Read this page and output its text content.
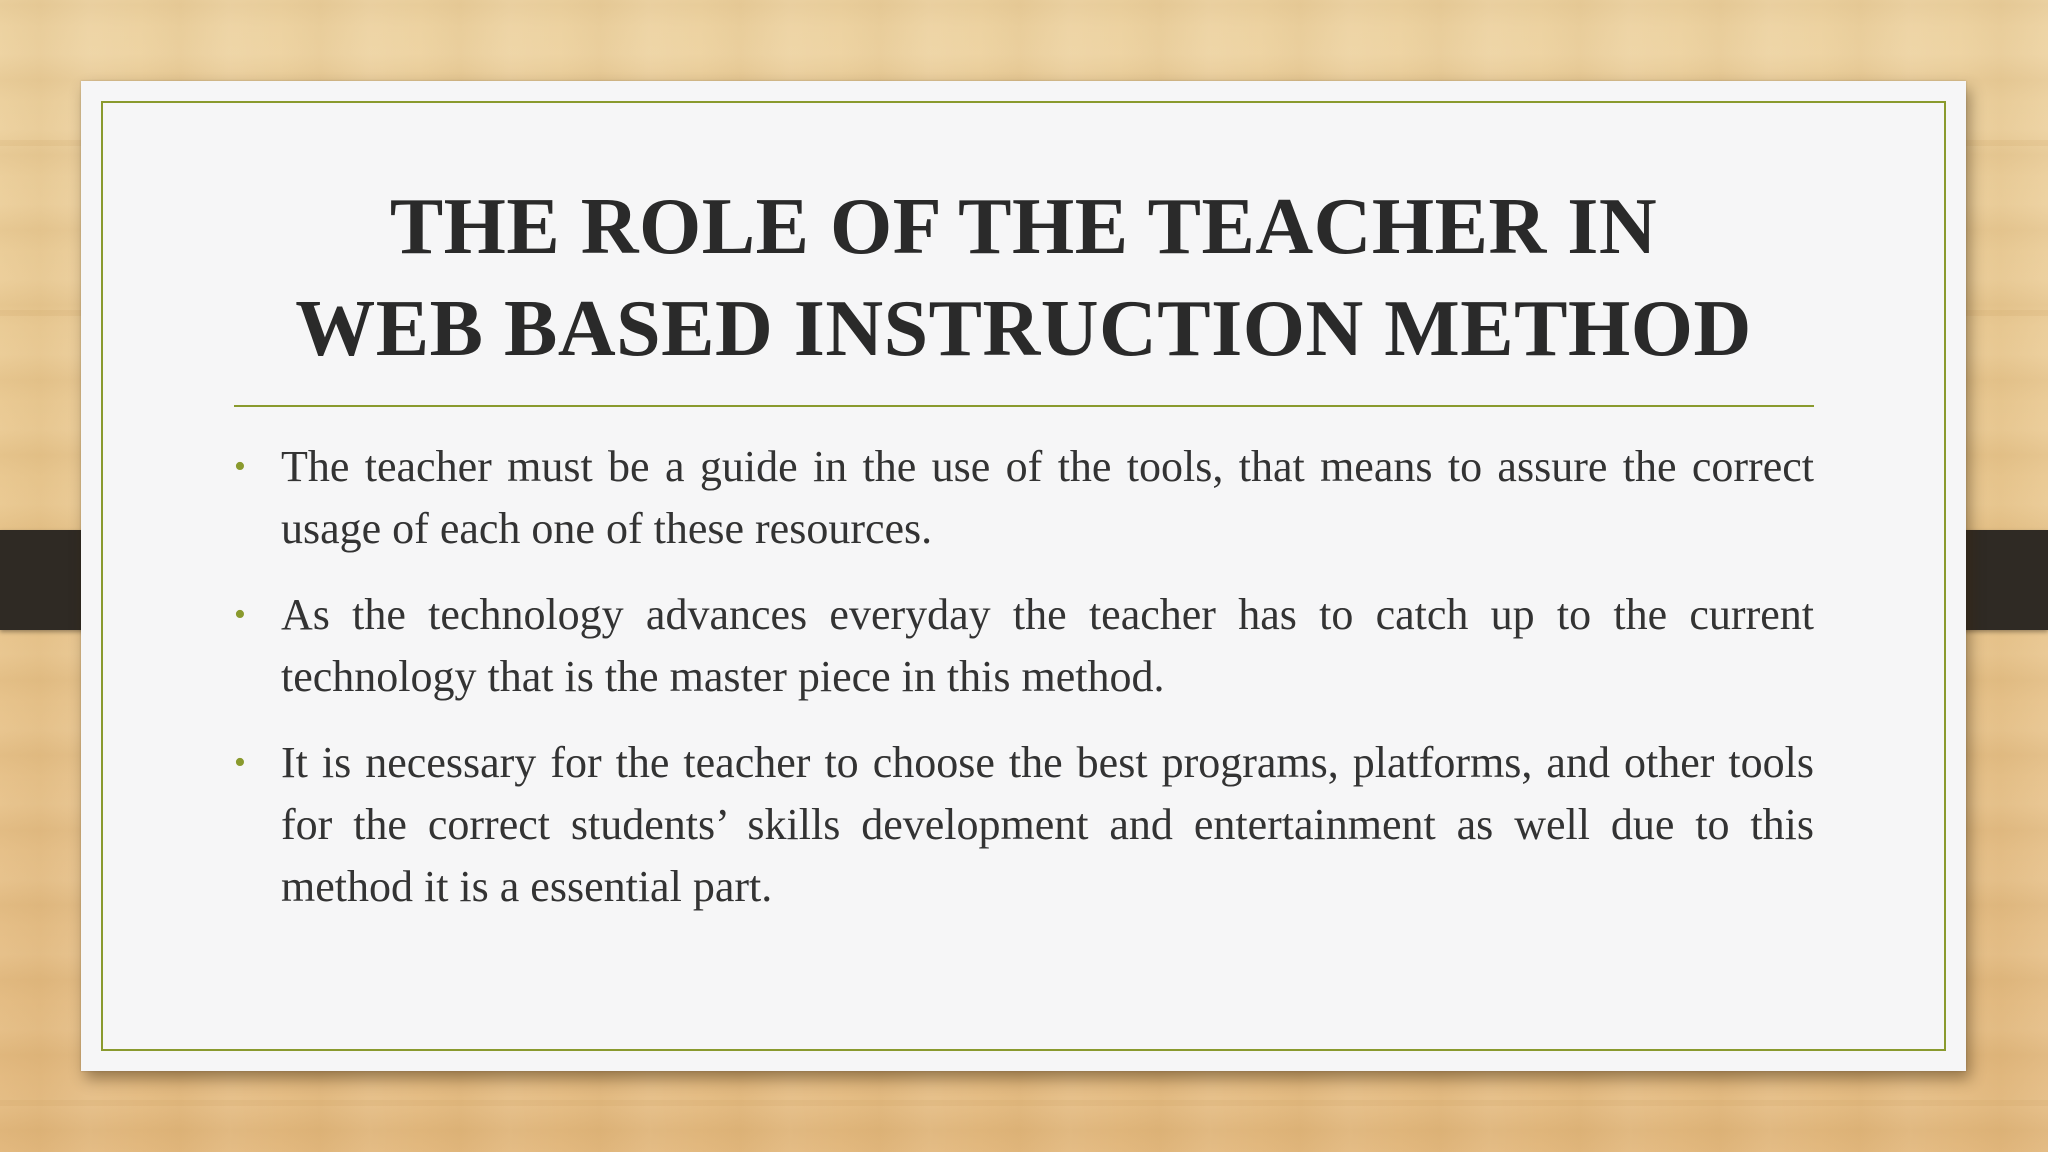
THE ROLE OF THE TEACHER IN
WEB BASED INSTRUCTION METHOD
• The teacher must be a guide in the use of the tools, that means to assure the correct usage of each one of these resources.
• As the technology advances everyday the teacher has to catch up to the current technology that is the master piece in this method.
• It is necessary for the teacher to choose the best programs, platforms, and other tools for the correct students’ skills development and entertainment as well due to this method it is a essential part.
